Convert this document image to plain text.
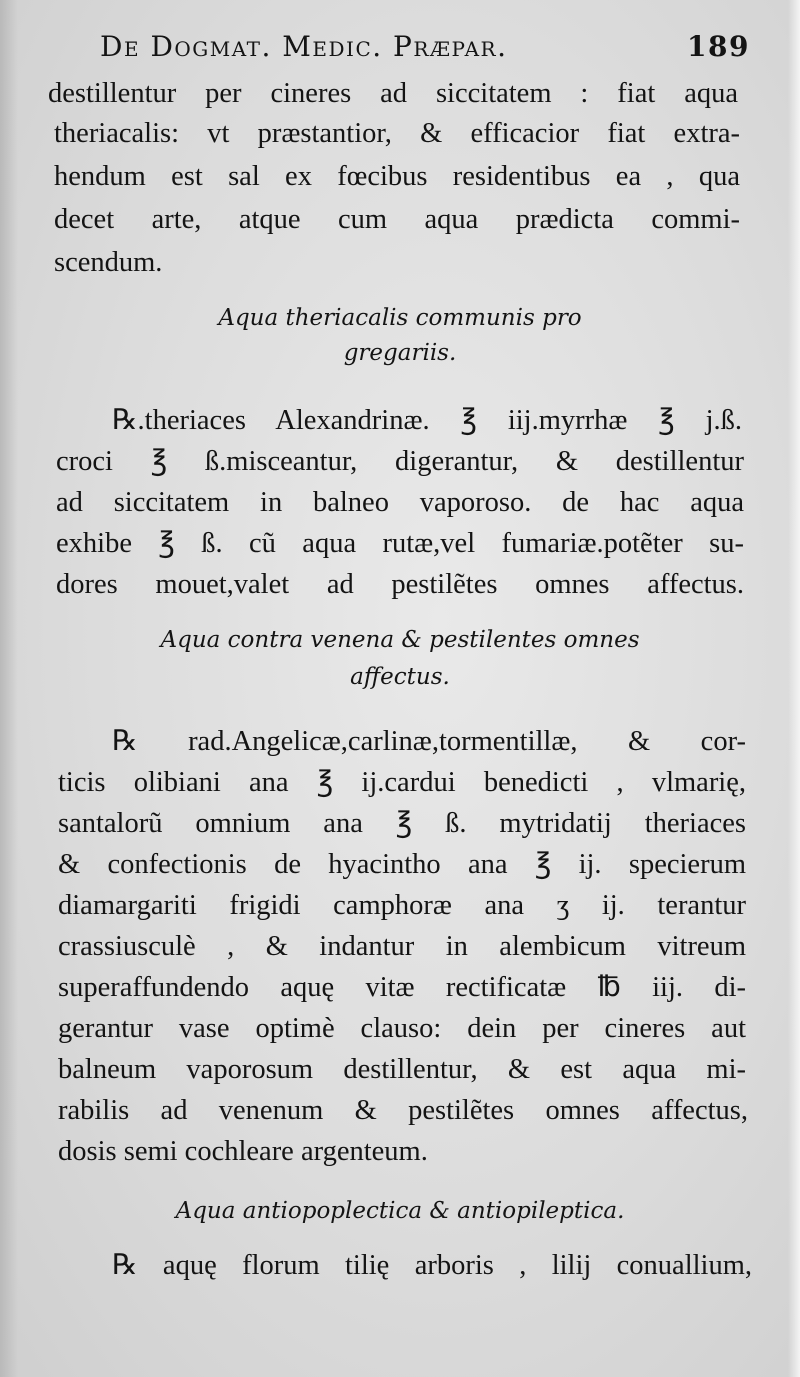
De Dogmat. Medic. Præpar.	189
destillentur per cineres ad siccitatem : fiat aqua
theriacalis: vt præstantior, & efficacior fiat extra-
hendum est sal ex fœcibus residentibus ea , qua
decet arte, atque cum aqua prædicta commi-
scendum.
Aqua theriacalis communis pro
gregariis.
℞.theriaces Alexandrinæ. ℥ iij.myrrhæ ℥ j.ß.
croci ℥ ß.misceantur, digerantur, & destillentur
ad siccitatem in balneo vaporoso. de hac aqua
exhibe ℥ ß. cũ aqua rutæ,vel fumariæ.potẽter su-
dores mouet,valet ad pestilẽtes omnes affectus.
Aqua contra venena & pestilentes omnes
affectus.
℞ rad.Angelicæ,carlinæ,tormentillæ, & cor-
ticis olibiani ana ℥ ij.cardui benedicti , vlmarię,
santalorũ omnium ana ℥ ß. mytridatij theriaces
& confectionis de hyacintho ana ℥ ij. specierum
diamargariti frigidi camphoræ ana ʒ ij. terantur
crassiusculè , & indantur in alembicum vitreum
superaffundendo aquę vitæ rectificatæ ℔ iij. di-
gerantur vase optimè clauso: dein per cineres aut
balneum vaporosum destillentur, & est aqua mi-
rabilis ad venenum & pestilẽtes omnes affectus,
dosis semi cochleare argenteum.
Aqua antiopoplectica & antiopileptica.
℞ aquę florum tilię arboris , lilij conuallium,
